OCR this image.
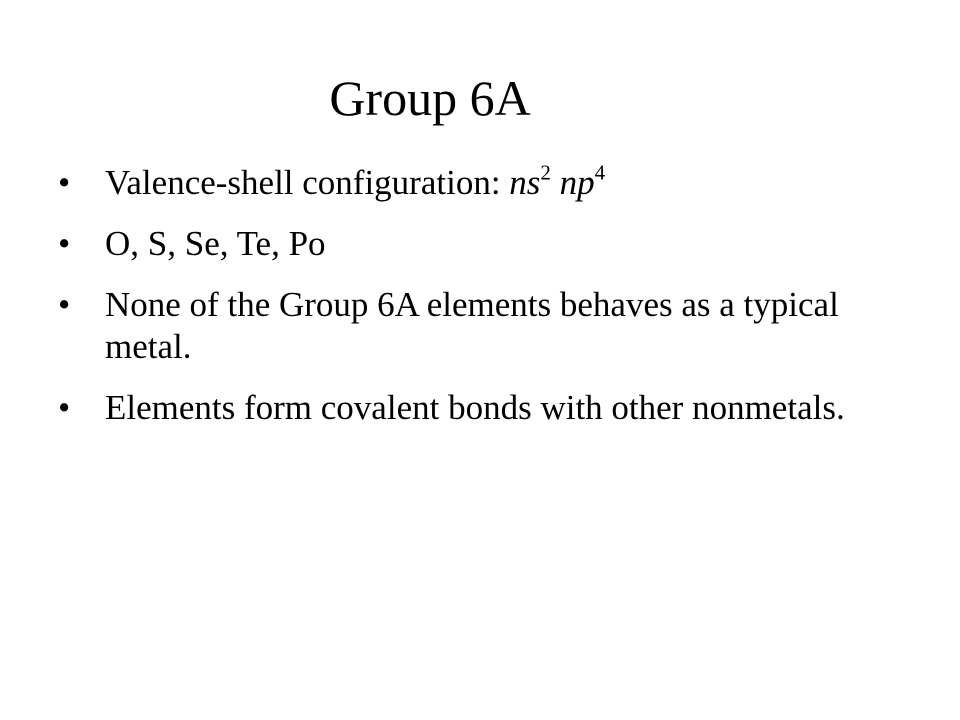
Group 6A
• Valence-shell configuration: $ns^2$ $np^4$
• O, S, Se, Te, Po
• None of the Group 6A elements behaves as a typical metal.
• Elements form covalent bonds with other nonmetals.
